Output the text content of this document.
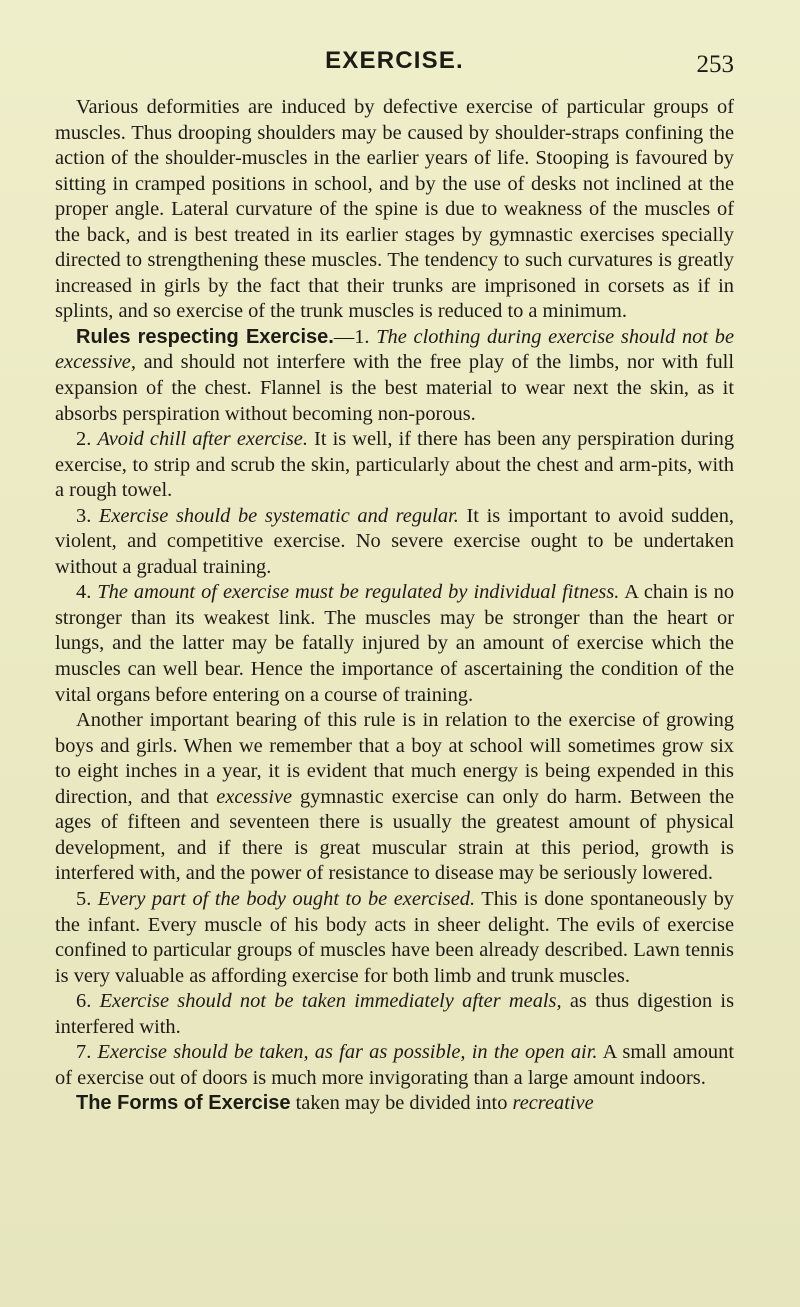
EXERCISE.	253

Various deformities are induced by defective exercise of particular groups of muscles. Thus drooping shoulders may be caused by shoulder-straps confining the action of the shoulder-muscles in the earlier years of life. Stooping is favoured by sitting in cramped positions in school, and by the use of desks not inclined at the proper angle. Lateral curvature of the spine is due to weakness of the muscles of the back, and is best treated in its earlier stages by gymnastic exercises specially directed to strengthening these muscles. The tendency to such curvatures is greatly increased in girls by the fact that their trunks are imprisoned in corsets as if in splints, and so exercise of the trunk muscles is reduced to a minimum.

Rules respecting Exercise.—1. The clothing during exercise should not be excessive, and should not interfere with the free play of the limbs, nor with full expansion of the chest. Flannel is the best material to wear next the skin, as it absorbs perspiration without becoming non-porous.

2. Avoid chill after exercise. It is well, if there has been any perspiration during exercise, to strip and scrub the skin, particularly about the chest and arm-pits, with a rough towel.

3. Exercise should be systematic and regular. It is important to avoid sudden, violent, and competitive exercise. No severe exercise ought to be undertaken without a gradual training.

4. The amount of exercise must be regulated by individual fitness. A chain is no stronger than its weakest link. The muscles may be stronger than the heart or lungs, and the latter may be fatally injured by an amount of exercise which the muscles can well bear. Hence the importance of ascertaining the condition of the vital organs before entering on a course of training.

Another important bearing of this rule is in relation to the exercise of growing boys and girls. When we remember that a boy at school will sometimes grow six to eight inches in a year, it is evident that much energy is being expended in this direction, and that excessive gymnastic exercise can only do harm. Between the ages of fifteen and seventeen there is usually the greatest amount of physical development, and if there is great muscular strain at this period, growth is interfered with, and the power of resistance to disease may be seriously lowered.

5. Every part of the body ought to be exercised. This is done spontaneously by the infant. Every muscle of his body acts in sheer delight. The evils of exercise confined to particular groups of muscles have been already described. Lawn tennis is very valuable as affording exercise for both limb and trunk muscles.

6. Exercise should not be taken immediately after meals, as thus digestion is interfered with.

7. Exercise should be taken, as far as possible, in the open air. A small amount of exercise out of doors is much more invigorating than a large amount indoors.

The Forms of Exercise taken may be divided into recreative
